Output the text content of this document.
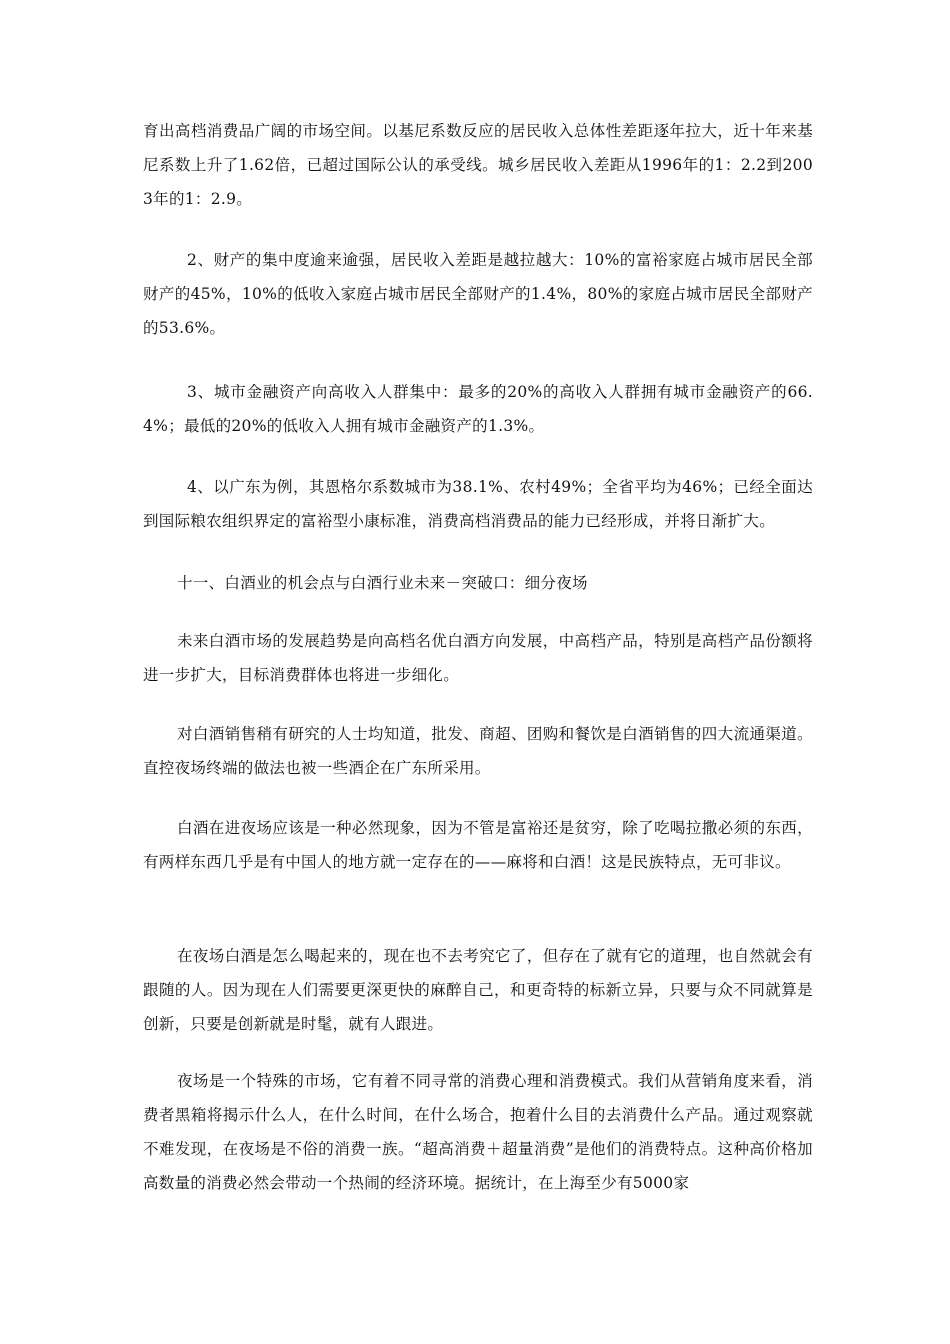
育出高档消费品广阔的市场空间。以基尼系数反应的居民收入总体性差距逐年拉大，近十年来基尼系数上升了1.62倍，已超过国际公认的承受线。城乡居民收入差距从1996年的1：2.2到2003年的1：2.9。

2、财产的集中度逾来逾强，居民收入差距是越拉越大：10%的富裕家庭占城市居民全部财产的45%，10%的低收入家庭占城市居民全部财产的1.4%，80%的家庭占城市居民全部财产的53.6%。

3、城市金融资产向高收入人群集中：最多的20%的高收入人群拥有城市金融资产的66.4%；最低的20%的低收入人拥有城市金融资产的1.3%。

4、以广东为例，其恩格尔系数城市为38.1%、农村49%；全省平均为46%；已经全面达到国际粮农组织界定的富裕型小康标准，消费高档消费品的能力已经形成，并将日渐扩大。

十一、白酒业的机会点与白酒行业未来－突破口：细分夜场

未来白酒市场的发展趋势是向高档名优白酒方向发展，中高档产品，特别是高档产品份额将进一步扩大，目标消费群体也将进一步细化。

对白酒销售稍有研究的人士均知道，批发、商超、团购和餐饮是白酒销售的四大流通渠道。直控夜场终端的做法也被一些酒企在广东所采用。

白酒在进夜场应该是一种必然现象，因为不管是富裕还是贫穷，除了吃喝拉撒必须的东西，有两样东西几乎是有中国人的地方就一定存在的——麻将和白酒！这是民族特点，无可非议。

在夜场白酒是怎么喝起来的，现在也不去考究它了，但存在了就有它的道理，也自然就会有跟随的人。因为现在人们需要更深更快的麻醉自己，和更奇特的标新立异，只要与众不同就算是创新，只要是创新就是时髦，就有人跟进。

夜场是一个特殊的市场，它有着不同寻常的消费心理和消费模式。我们从营销角度来看，消费者黑箱将揭示什么人，在什么时间，在什么场合，抱着什么目的去消费什么产品。通过观察就不难发现，在夜场是不俗的消费一族。“超高消费＋超量消费”是他们的消费特点。这种高价格加高数量的消费必然会带动一个热闹的经济环境。据统计，在上海至少有5000家
